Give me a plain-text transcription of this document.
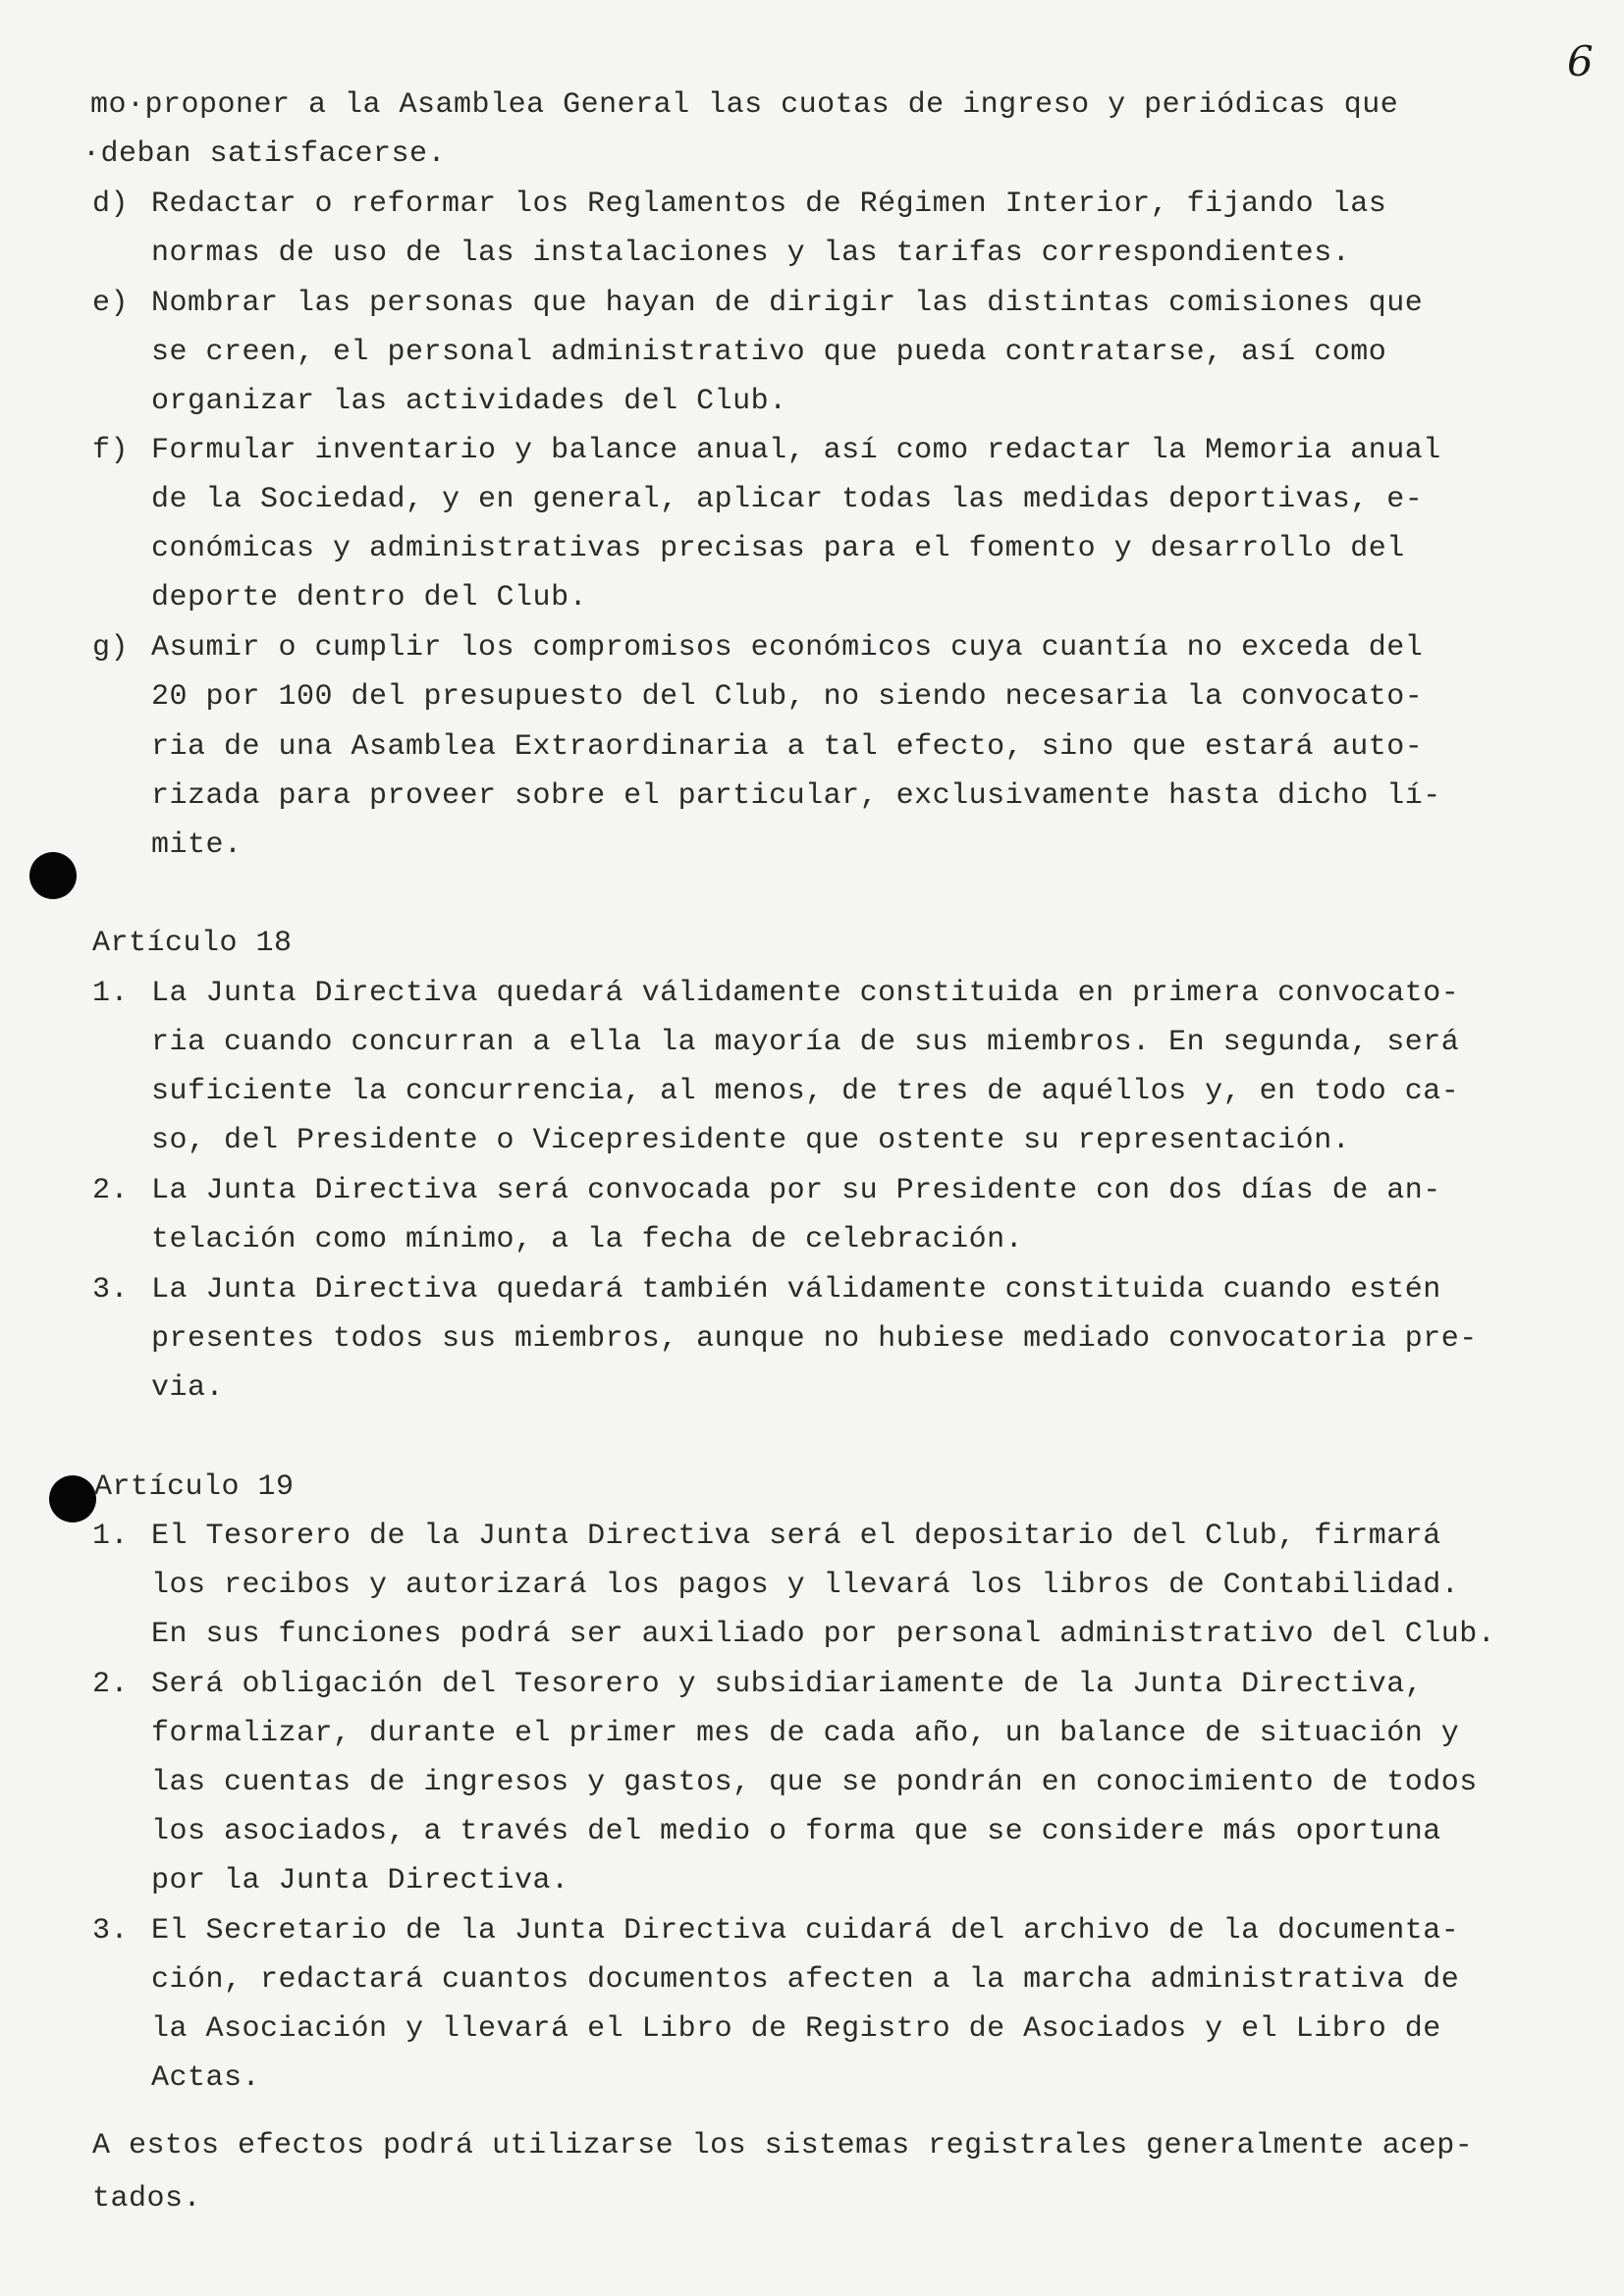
6
mo·proponer a la Asamblea General las cuotas de ingreso y periódicas que
·deban satisfacerse.
d) Redactar o reformar los Reglamentos de Régimen Interior, fijando las
normas de uso de las instalaciones y las tarifas correspondientes.
e) Nombrar las personas que hayan de dirigir las distintas comisiones que
se creen, el personal administrativo que pueda contratarse, así como
organizar las actividades del Club.
f) Formular inventario y balance anual, así como redactar la Memoria anual
de la Sociedad, y en general, aplicar todas las medidas deportivas, e-
conómicas y administrativas precisas para el fomento y desarrollo del
deporte dentro del Club.
g) Asumir o cumplir los compromisos económicos cuya cuantía no exceda del
20 por 100 del presupuesto del Club, no siendo necesaria la convocato-
ria de una Asamblea Extraordinaria a tal efecto, sino que estará auto-
rizada para proveer sobre el particular, exclusivamente hasta dicho lí-
mite.
Artículo 18
1. La Junta Directiva quedará válidamente constituida en primera convocato-
ria cuando concurran a ella la mayoría de sus miembros. En segunda, será
suficiente la concurrencia, al menos, de tres de aquéllos y, en todo ca-
so, del Presidente o Vicepresidente que ostente su representación.
2. La Junta Directiva será convocada por su Presidente con dos días de an-
telación como mínimo, a la fecha de celebración.
3. La Junta Directiva quedará también válidamente constituida cuando estén
presentes todos sus miembros, aunque no hubiese mediado convocatoria pre-
via.
Artículo 19
1. El Tesorero de la Junta Directiva será el depositario del Club, firmará
los recibos y autorizará los pagos y llevará los libros de Contabilidad.
En sus funciones podrá ser auxiliado por personal administrativo del Club.
2. Será obligación del Tesorero y subsidiariamente de la Junta Directiva,
formalizar, durante el primer mes de cada año, un balance de situación y
las cuentas de ingresos y gastos, que se pondrán en conocimiento de todos
los asociados, a través del medio o forma que se considere más oportuna
por la Junta Directiva.
3. El Secretario de la Junta Directiva cuidará del archivo de la documenta-
ción, redactará cuantos documentos afecten a la marcha administrativa de
la Asociación y llevará el Libro de Registro de Asociados y el Libro de
Actas.
A estos efectos podrá utilizarse los sistemas registrales generalmente acep-
tados.
